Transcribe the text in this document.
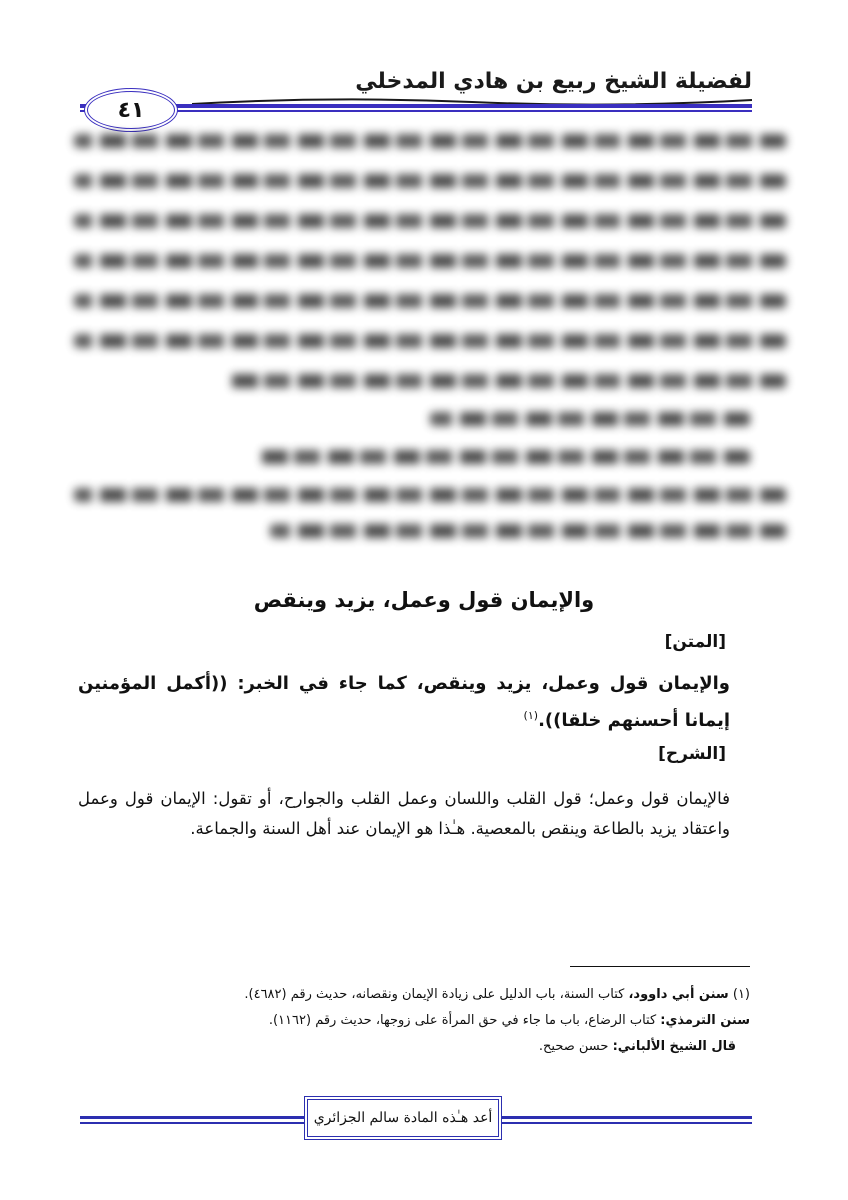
لفضيلة الشيخ ربيع بن هادي المدخلي
٤١
والإيمان قول وعمل، يزيد وينقص
[المتن]
والإيمان قول وعمل، يزيد وينقص، كما جاء في الخبر: ((أكمل المؤمنين إيمانا أحسنهم خلقا)).$^{(١)}$
[الشرح]
فالإيمان قول وعمل؛ قول القلب واللسان وعمل القلب والجوارح، أو تقول: الإيمان قول وعمل واعتقاد يزيد بالطاعة وينقص بالمعصية. هـٰذا هو الإيمان عند أهل السنة والجماعة.
(١) سنن أبي داوود، كتاب السنة، باب الدليل على زيادة الإيمان ونقصانه، حديث رقم (٤٦٨٢).
سنن الترمذي: كتاب الرضاع، باب ما جاء في حق المرأة على زوجها، حديث رقم (١١٦٢).
قال الشيخ الألباني: حسن صحيح.
أعد هـٰذه المادة سالم الجزائري
